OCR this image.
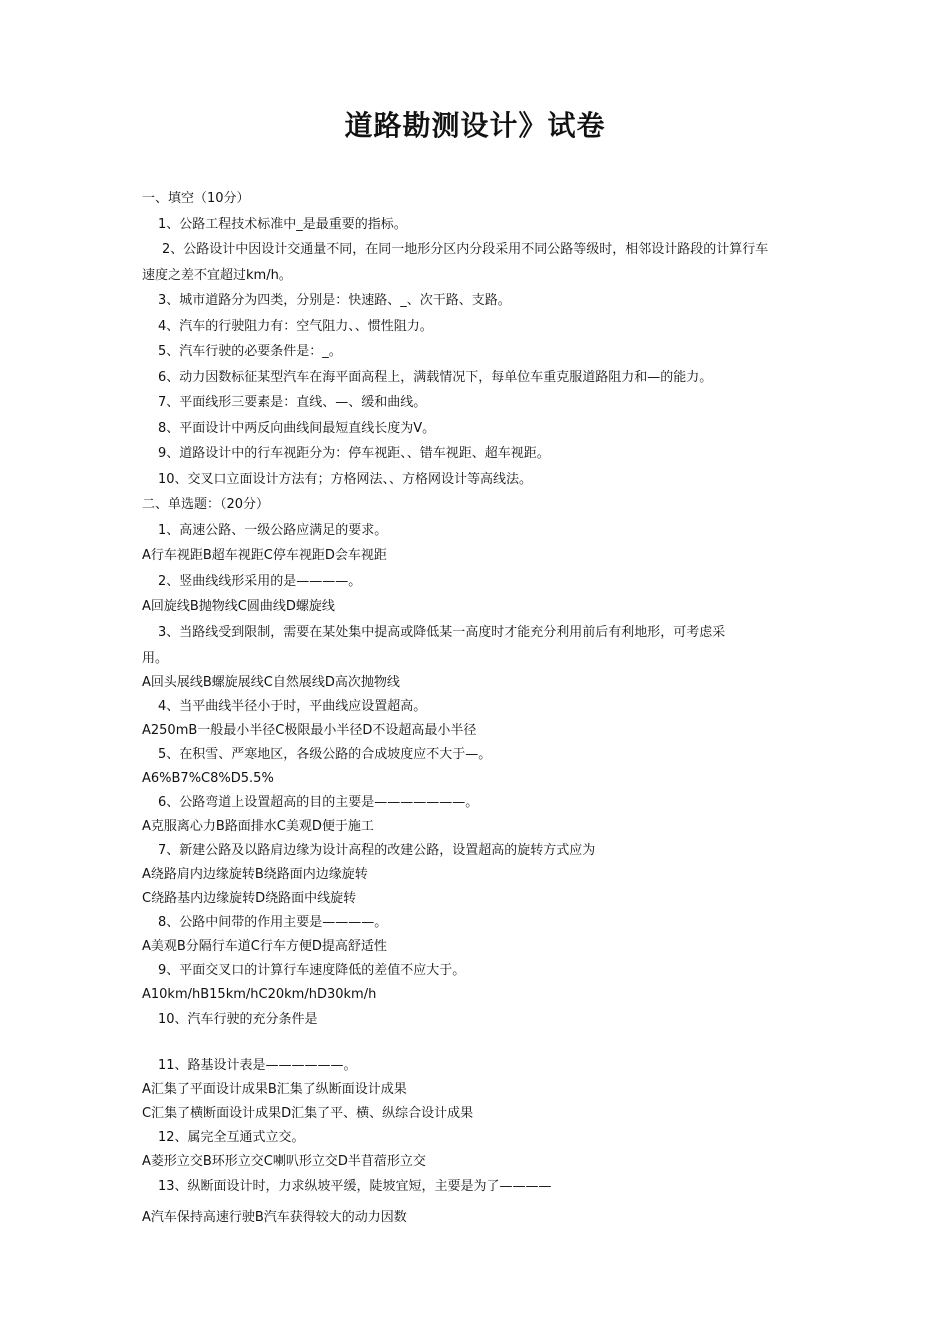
道路勘测设计》试卷
一、填空（10分）
1、公路工程技术标准中_是最重要的指标。
2、公路设计中因设计交通量不同，在同一地形分区内分段采用不同公路等级时，相邻设计路段的计算行车
速度之差不宜超过km/h。
3、城市道路分为四类，分别是：快速路、_、次干路、支路。
4、汽车的行驶阻力有：空气阻力、、惯性阻力。
5、汽车行驶的必要条件是：_。
6、动力因数标征某型汽车在海平面高程上，满载情况下，每单位车重克服道路阻力和—的能力。
7、平面线形三要素是：直线、—、缓和曲线。
8、平面设计中两反向曲线间最短直线长度为V。
9、道路设计中的行车视距分为：停车视距、、错车视距、超车视距。
10、交叉口立面设计方法有；方格网法、、方格网设计等高线法。
二、单选题：（20分）
1、高速公路、一级公路应满足的要求。
A行车视距B超车视距C停车视距D会车视距
2、竖曲线线形采用的是————。
A回旋线B抛物线C圆曲线D螺旋线
3、当路线受到限制，需要在某处集中提高或降低某一高度时才能充分利用前后有利地形，可考虑采
用。
A回头展线B螺旋展线C自然展线D高次抛物线
4、当平曲线半径小于时，平曲线应设置超高。
A250mB一般最小半径C极限最小半径D不设超高最小半径
5、在积雪、严寒地区，各级公路的合成坡度应不大于—。
A6%B7%C8%D5.5%
6、公路弯道上设置超高的目的主要是———————。
A克服离心力B路面排水C美观D便于施工
7、新建公路及以路肩边缘为设计高程的改建公路，设置超高的旋转方式应为
A绕路肩内边缘旋转B绕路面内边缘旋转
C绕路基内边缘旋转D绕路面中线旋转
8、公路中间带的作用主要是————。
A美观B分隔行车道C行车方便D提高舒适性
9、平面交叉口的计算行车速度降低的差值不应大于。
A10km/hB15km/hC20km/hD30km/h
10、汽车行驶的充分条件是
11、路基设计表是——————。
A汇集了平面设计成果B汇集了纵断面设计成果
C汇集了横断面设计成果D汇集了平、横、纵综合设计成果
12、属完全互通式立交。
A菱形立交B环形立交C喇叭形立交D半苜蓿形立交
13、纵断面设计时，力求纵坡平缓，陡坡宜短，主要是为了————
A汽车保持高速行驶B汽车获得较大的动力因数
